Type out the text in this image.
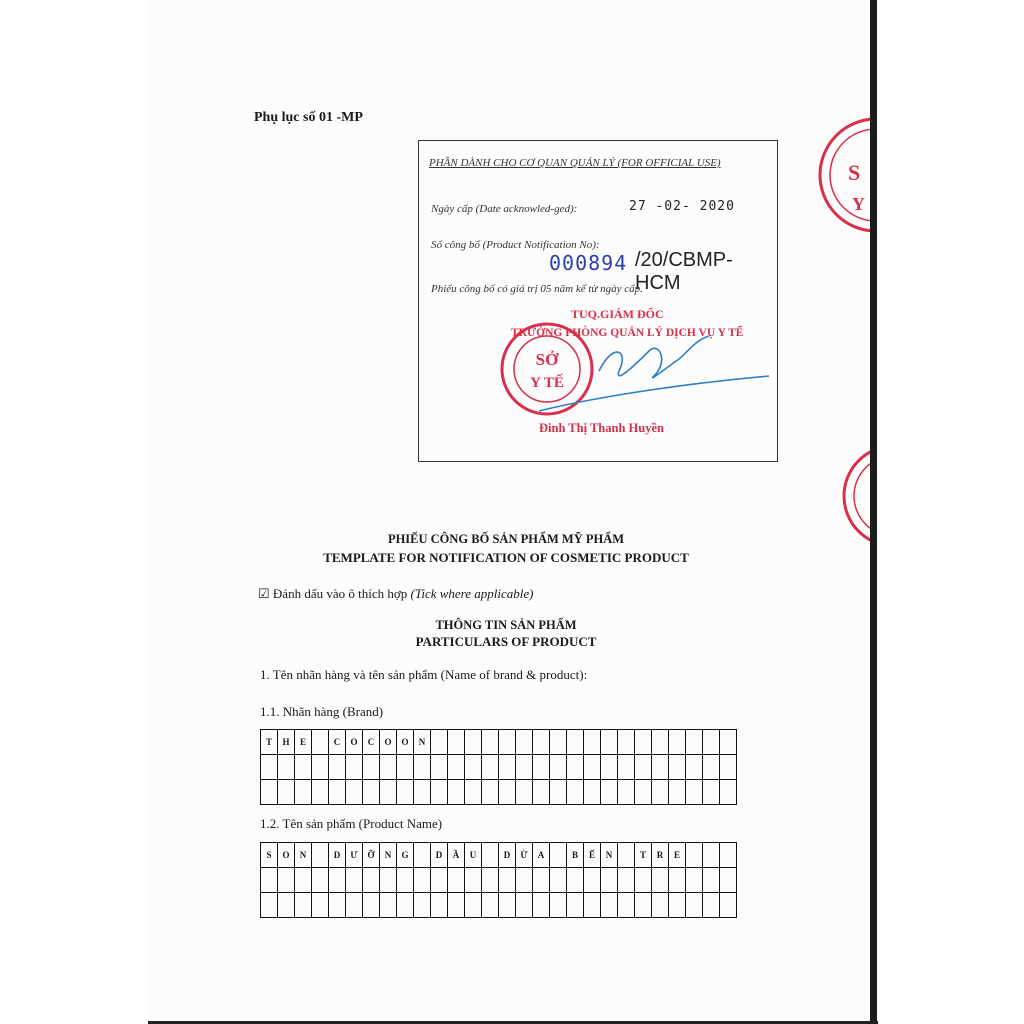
S
Y
Phụ lục số 01 -MP
PHẦN DÀNH CHO CƠ QUAN QUẢN LÝ (FOR OFFICIAL USE)
Ngày cấp (Date acknowled-ged):	27 -02- 2020
Số công bố (Product Notification No):
000894 /20/CBMP-HCM
Phiếu công bố có giá trị 05 năm kể từ ngày cấp.
TUQ.GIÁM ĐỐC
TRƯỞNG PHÒNG QUẢN LÝ DỊCH VỤ Y TẾ
SỞ
Y TẾ
Đinh Thị Thanh Huyền
PHIẾU CÔNG BỐ SẢN PHẨM MỸ PHẨM
TEMPLATE FOR NOTIFICATION OF COSMETIC PRODUCT
☑ Đánh dấu vào ô thích hợp (Tick where applicable)
THÔNG TIN SẢN PHẨM
PARTICULARS OF PRODUCT
1. Tên nhãn hàng và tên sản phẩm (Name of brand & product):
1.1. Nhãn hàng (Brand)
T	H	E		C	O	C	O	O	N																		

1.2. Tên sản phẩm (Product Name)
S	O	N		D	Ư	Ỡ	N	G		D	Ầ	U		D	Ừ	A		B	Ế	N		T	R	E			
